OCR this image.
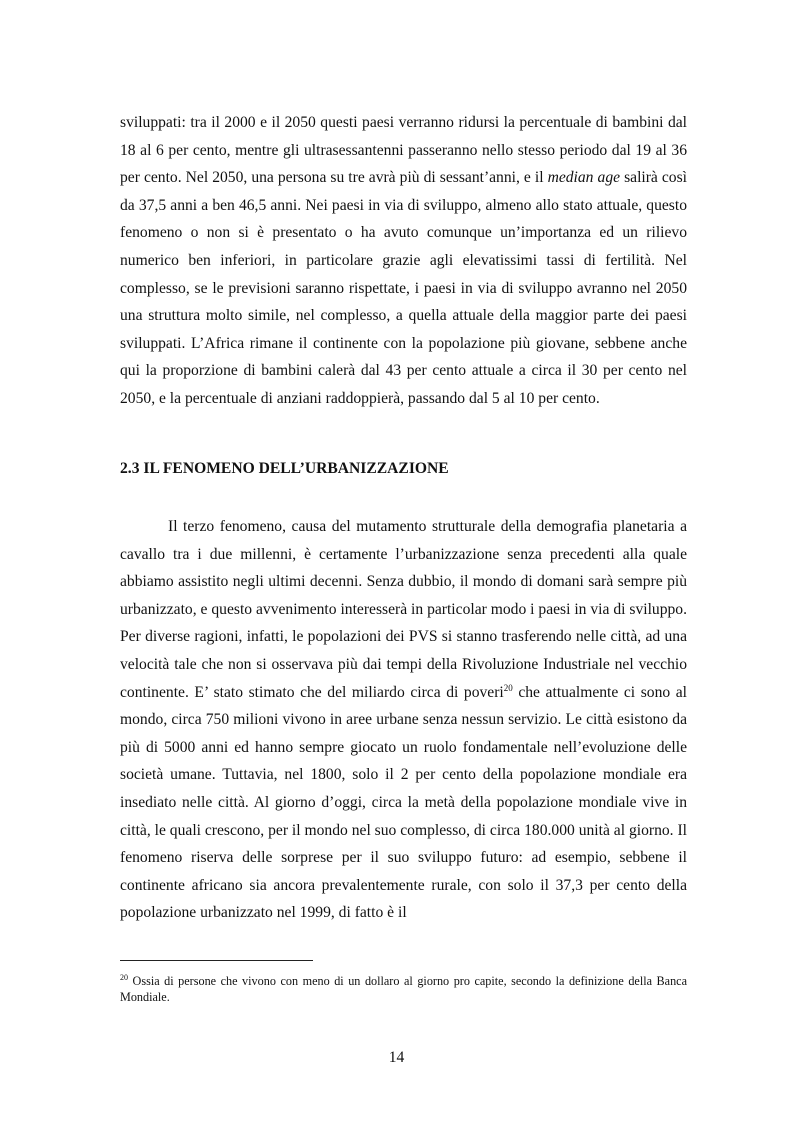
sviluppati: tra il 2000 e il 2050 questi paesi verranno ridursi la percentuale di bambini dal 18 al 6 per cento, mentre gli ultrasessantenni passeranno nello stesso periodo dal 19 al 36 per cento. Nel 2050, una persona su tre avrà più di sessant’anni, e il median age salirà così da 37,5 anni a ben 46,5 anni. Nei paesi in via di sviluppo, almeno allo stato attuale, questo fenomeno o non si è presentato o ha avuto comunque un’importanza ed un rilievo numerico ben inferiori, in particolare grazie agli elevatissimi tassi di fertilità. Nel complesso, se le previsioni saranno rispettate, i paesi in via di sviluppo avranno nel 2050 una struttura molto simile, nel complesso, a quella attuale della maggior parte dei paesi sviluppati. L’Africa rimane il continente con la popolazione più giovane, sebbene anche qui la proporzione di bambini calerà dal 43 per cento attuale a circa il 30 per cento nel 2050, e la percentuale di anziani raddoppierà, passando dal 5 al 10 per cento.

2.3 IL FENOMENO DELL’URBANIZZAZIONE

Il terzo fenomeno, causa del mutamento strutturale della demografia planetaria a cavallo tra i due millenni, è certamente l’urbanizzazione senza precedenti alla quale abbiamo assistito negli ultimi decenni. Senza dubbio, il mondo di domani sarà sempre più urbanizzato, e questo avvenimento interesserà in particolar modo i paesi in via di sviluppo. Per diverse ragioni, infatti, le popolazioni dei PVS si stanno trasferendo nelle città, ad una velocità tale che non si osservava più dai tempi della Rivoluzione Industriale nel vecchio continente. E’ stato stimato che del miliardo circa di poveri$^{20}$ che attualmente ci sono al mondo, circa 750 milioni vivono in aree urbane senza nessun servizio. Le città esistono da più di 5000 anni ed hanno sempre giocato un ruolo fondamentale nell’evoluzione delle società umane. Tuttavia, nel 1800, solo il 2 per cento della popolazione mondiale era insediato nelle città. Al giorno d’oggi, circa la metà della popolazione mondiale vive in città, le quali crescono, per il mondo nel suo complesso, di circa 180.000 unità al giorno. Il fenomeno riserva delle sorprese per il suo sviluppo futuro: ad esempio, sebbene il continente africano sia ancora prevalentemente rurale, con solo il 37,3 per cento della popolazione urbanizzato nel 1999, di fatto è il

$^{20}$ Ossia di persone che vivono con meno di un dollaro al giorno pro capite, secondo la definizione della Banca Mondiale.

14
